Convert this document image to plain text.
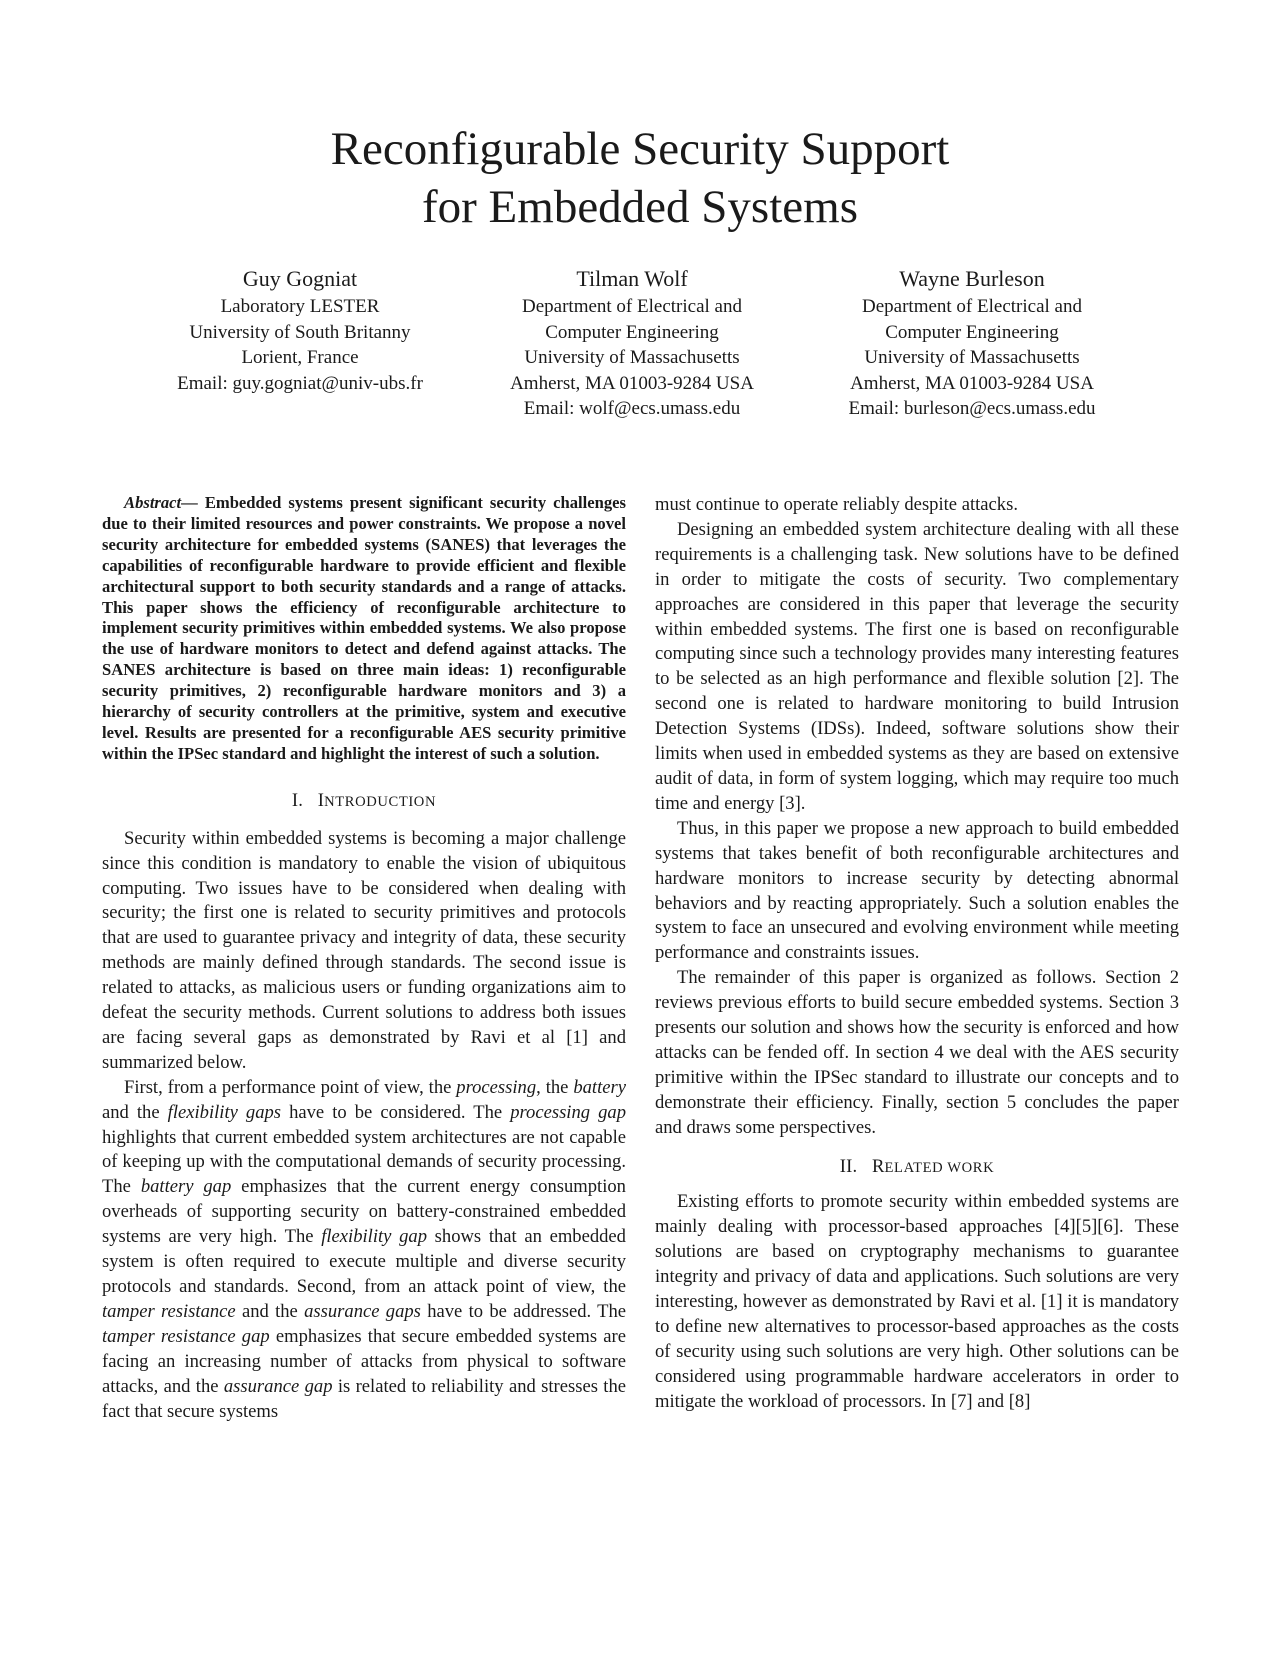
Reconfigurable Security Support
for Embedded Systems
Guy Gogniat
Laboratory LESTER
University of South Britanny
Lorient, France
Email: guy.gogniat@univ-ubs.fr
Tilman Wolf
Department of Electrical and
Computer Engineering
University of Massachusetts
Amherst, MA 01003-9284 USA
Email: wolf@ecs.umass.edu
Wayne Burleson
Department of Electrical and
Computer Engineering
University of Massachusetts
Amherst, MA 01003-9284 USA
Email: burleson@ecs.umass.edu

Abstract— Embedded systems present significant security challenges due to their limited resources and power constraints. We propose a novel security architecture for embedded systems (SANES) that leverages the capabilities of reconfigurable hardware to provide efficient and flexible architectural support to both security standards and a range of attacks. This paper shows the efficiency of reconfigurable architecture to implement security primitives within embedded systems. We also propose the use of hardware monitors to detect and defend against attacks. The SANES architecture is based on three main ideas: 1) reconfigurable security primitives, 2) reconfigurable hardware monitors and 3) a hierarchy of security controllers at the primitive, system and executive level. Results are presented for a reconfigurable AES security primitive within the IPSec standard and highlight the interest of such a solution.

I. INTRODUCTION

Security within embedded systems is becoming a major challenge since this condition is mandatory to enable the vision of ubiquitous computing. Two issues have to be considered when dealing with security; the first one is related to security primitives and protocols that are used to guarantee privacy and integrity of data, these security methods are mainly defined through standards. The second issue is related to attacks, as malicious users or funding organizations aim to defeat the security methods. Current solutions to address both issues are facing several gaps as demonstrated by Ravi et al [1] and summarized below.

First, from a performance point of view, the processing, the battery and the flexibility gaps have to be considered. The processing gap highlights that current embedded system architectures are not capable of keeping up with the computational demands of security processing. The battery gap emphasizes that the current energy consumption overheads of supporting security on battery-constrained embedded systems are very high. The flexibility gap shows that an embedded system is often required to execute multiple and diverse security protocols and standards. Second, from an attack point of view, the tamper resistance and the assurance gaps have to be addressed. The tamper resistance gap emphasizes that secure embedded systems are facing an increasing number of attacks from physical to software attacks, and the assurance gap is related to reliability and stresses the fact that secure systems

must continue to operate reliably despite attacks.

Designing an embedded system architecture dealing with all these requirements is a challenging task. New solutions have to be defined in order to mitigate the costs of security. Two complementary approaches are considered in this paper that leverage the security within embedded systems. The first one is based on reconfigurable computing since such a technology provides many interesting features to be selected as an high performance and flexible solution [2]. The second one is related to hardware monitoring to build Intrusion Detection Systems (IDSs). Indeed, software solutions show their limits when used in embedded systems as they are based on extensive audit of data, in form of system logging, which may require too much time and energy [3].

Thus, in this paper we propose a new approach to build embedded systems that takes benefit of both reconfigurable architectures and hardware monitors to increase security by detecting abnormal behaviors and by reacting appropriately. Such a solution enables the system to face an unsecured and evolving environment while meeting performance and constraints issues.

The remainder of this paper is organized as follows. Section 2 reviews previous efforts to build secure embedded systems. Section 3 presents our solution and shows how the security is enforced and how attacks can be fended off. In section 4 we deal with the AES security primitive within the IPSec standard to illustrate our concepts and to demonstrate their efficiency. Finally, section 5 concludes the paper and draws some perspectives.

II. RELATED WORK

Existing efforts to promote security within embedded systems are mainly dealing with processor-based approaches [4][5][6]. These solutions are based on cryptography mechanisms to guarantee integrity and privacy of data and applications. Such solutions are very interesting, however as demonstrated by Ravi et al. [1] it is mandatory to define new alternatives to processor-based approaches as the costs of security using such solutions are very high. Other solutions can be considered using programmable hardware accelerators in order to mitigate the workload of processors. In [7] and [8]
